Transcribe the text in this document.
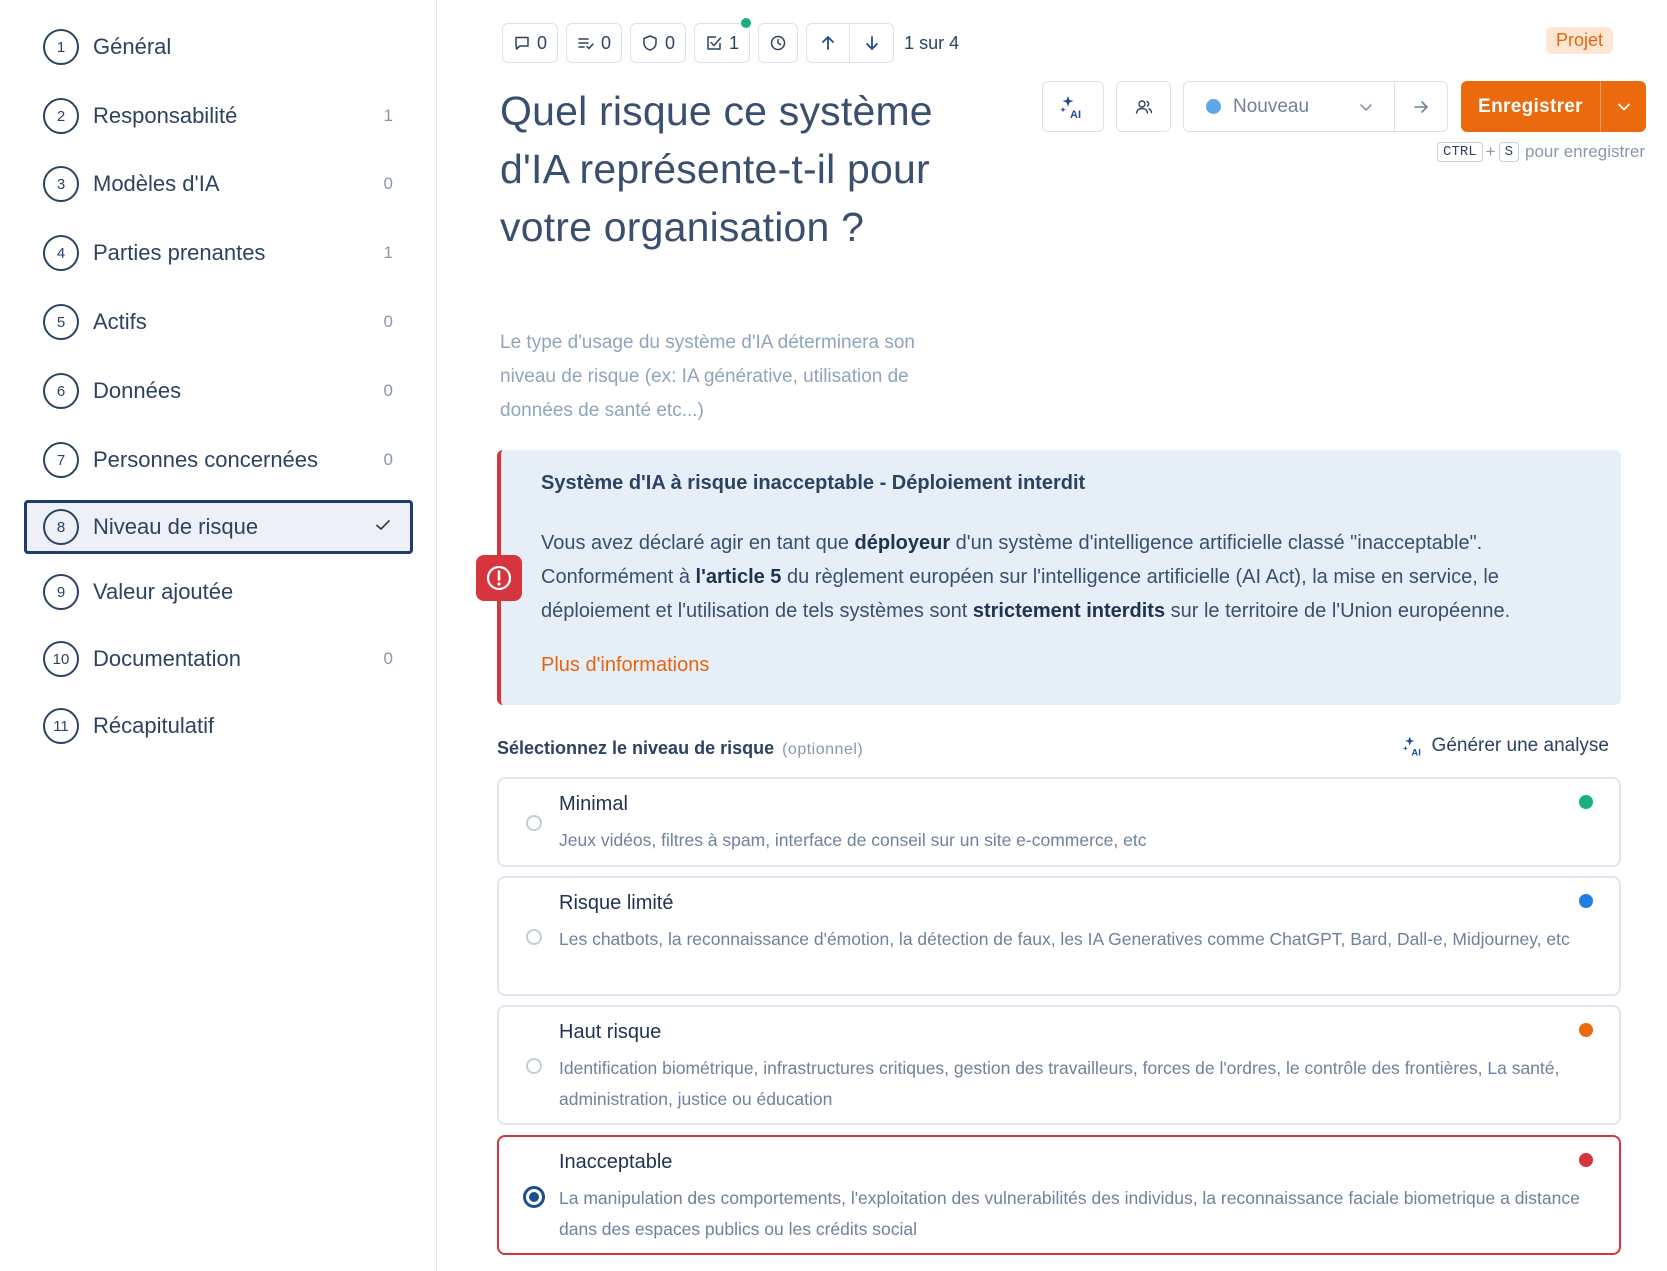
1	Général
2	Responsabilité	1
3	Modèles d'IA	0
4	Parties prenantes	1
5	Actifs	0
6	Données	0
7	Personnes concernées	0
8	Niveau de risque
9	Valeur ajoutée
10	Documentation	0
11	Récapitulatif
0	0	0	1	1 sur 4	Projet
Quel risque ce système d'IA représente-t-il pour votre organisation ?

Le type d'usage du système d'IA déterminera son niveau de risque (ex: IA générative, utilisation de données de santé etc...)

AI	Nouveau	Enregistrer
CTRL + S pour enregistrer
Système d'IA à risque inacceptable - Déploiement interdit
Vous avez déclaré agir en tant que déployeur d'un système d'intelligence artificielle classé "inacceptable". Conformément à l'article 5 du règlement européen sur l'intelligence artificielle (AI Act), la mise en service, le déploiement et l'utilisation de tels systèmes sont strictement interdits sur le territoire de l'Union européenne.
Plus d'informations
Sélectionnez le niveau de risque (optionnel)	AI Générer une analyse
Minimal
Jeux vidéos, filtres à spam, interface de conseil sur un site e-commerce, etc
Risque limité
Les chatbots, la reconnaissance d'émotion, la détection de faux, les IA Generatives comme ChatGPT, Bard, Dall-e, Midjourney, etc
Haut risque
Identification biométrique, infrastructures critiques, gestion des travailleurs, forces de l'ordres, le contrôle des frontières, La santé, administration, justice ou éducation
Inacceptable
La manipulation des comportements, l'exploitation des vulnerabilités des individus, la reconnaissance faciale biometrique a distance dans des espaces publics ou les crédits social
